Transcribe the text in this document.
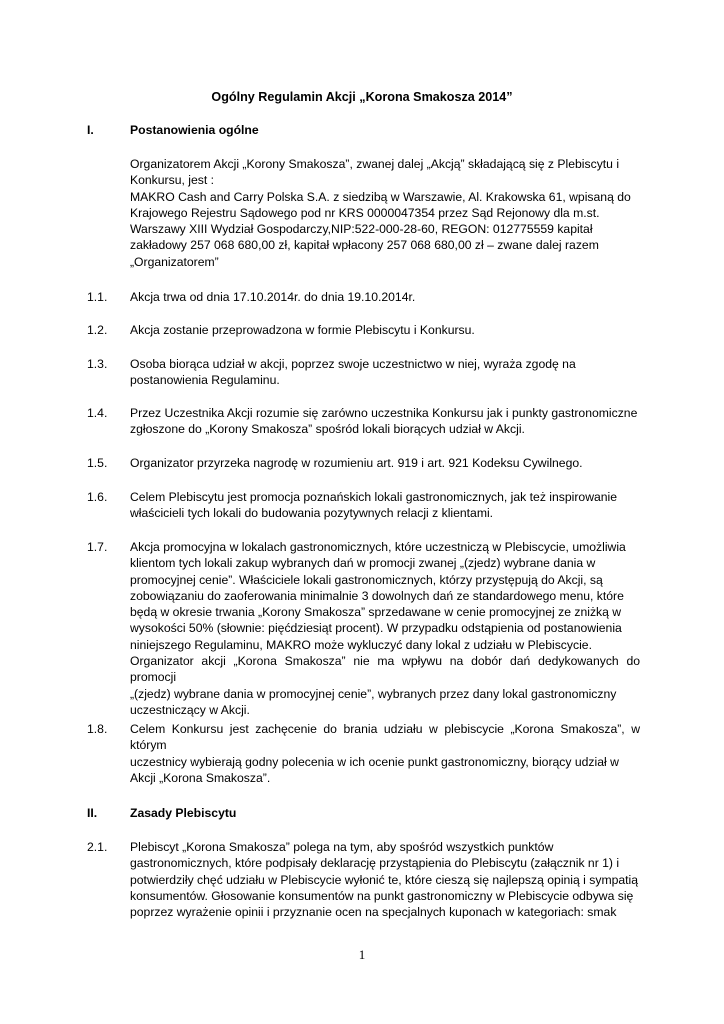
Ogólny Regulamin Akcji „Korona Smakosza 2014”
I.	Postanowienia ogólne
Organizatorem Akcji „Korony Smakosza”, zwanej dalej „Akcją” składającą się z Plebiscytu i
Konkursu, jest :
MAKRO Cash and Carry Polska S.A. z siedzibą w Warszawie, Al. Krakowska 61, wpisaną do
Krajowego Rejestru Sądowego pod nr KRS 0000047354 przez Sąd Rejonowy dla m.st.
Warszawy XIII Wydział Gospodarczy,NIP:522-000-28-60, REGON: 012775559 kapitał
zakładowy 257 068 680,00 zł, kapitał wpłacony 257 068 680,00 zł – zwane dalej razem
„Organizatorem”
1.1. Akcja trwa od dnia 17.10.2014r. do dnia 19.10.2014r.
1.2. Akcja zostanie przeprowadzona w formie Plebiscytu i Konkursu.
1.3. Osoba biorąca udział w akcji, poprzez swoje uczestnictwo w niej, wyraża zgodę na
postanowienia Regulaminu.
1.4. Przez Uczestnika Akcji rozumie się zarówno uczestnika Konkursu jak i punkty gastronomiczne
zgłoszone do „Korony Smakosza” spośród lokali biorących udział w Akcji.
1.5. Organizator przyrzeka nagrodę w rozumieniu art. 919 i art. 921 Kodeksu Cywilnego.
1.6. Celem Plebiscytu jest promocja poznańskich lokali gastronomicznych, jak też inspirowanie
właścicieli tych lokali do budowania pozytywnych relacji z klientami.
1.7. Akcja promocyjna w lokalach gastronomicznych, które uczestniczą w Plebiscycie, umożliwia
klientom tych lokali zakup wybranych dań w promocji zwanej „(zjedz) wybrane dania w
promocyjnej cenie”. Właściciele lokali gastronomicznych, którzy przystępują do Akcji, są
zobowiązaniu do zaoferowania minimalnie 3 dowolnych dań ze standardowego menu, które
będą w okresie trwania „Korony Smakosza” sprzedawane w cenie promocyjnej ze zniżką w
wysokości 50% (słownie: pięćdziesiąt procent). W przypadku odstąpienia od postanowienia
niniejszego Regulaminu, MAKRO może wykluczyć dany lokal z udziału w Plebiscycie.
Organizator akcji „Korona Smakosza” nie ma wpływu na dobór dań dedykowanych do promocji
„(zjedz) wybrane dania w promocyjnej cenie”, wybranych przez dany lokal gastronomiczny
uczestniczący w Akcji.
1.8. Celem Konkursu jest zachęcenie do brania udziału w plebiscycie „Korona Smakosza”, w którym
uczestnicy wybierają godny polecenia w ich ocenie punkt gastronomiczny, biorący udział w
Akcji „Korona Smakosza”.
II.	Zasady Plebiscytu
2.1. Plebiscyt „Korona Smakosza” polega na tym, aby spośród wszystkich punktów
gastronomicznych, które podpisały deklarację przystąpienia do Plebiscytu (załącznik nr 1) i
potwierdziły chęć udziału w Plebiscycie wyłonić te, które cieszą się najlepszą opinią i sympatią
konsumentów. Głosowanie konsumentów na punkt gastronomiczny w Plebiscycie odbywa się
poprzez wyrażenie opinii i przyznanie ocen na specjalnych kuponach w kategoriach: smak
1
